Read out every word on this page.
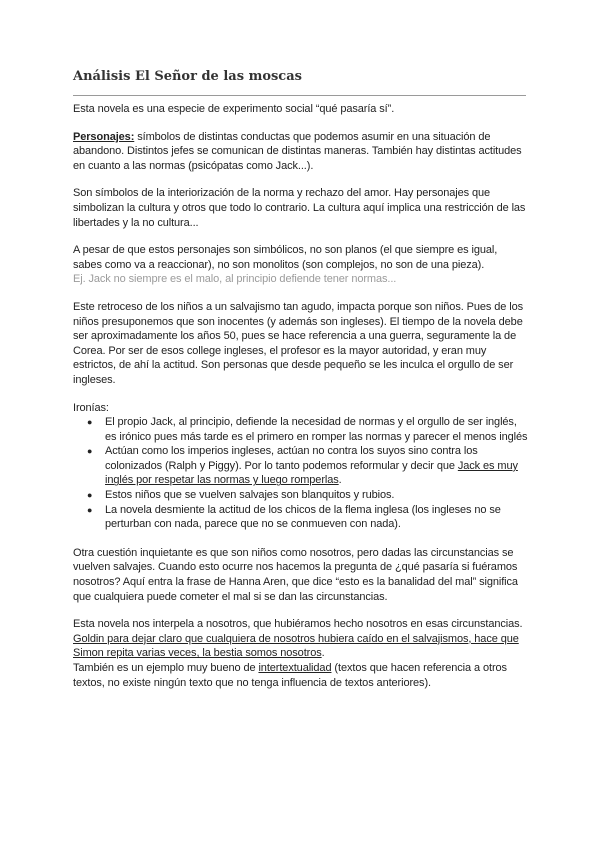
Análisis El Señor de las moscas

Esta novela es una especie de experimento social “qué pasaría sí”.

Personajes: símbolos de distintas conductas que podemos asumir en una situación de abandono. Distintos jefes se comunican de distintas maneras. También hay distintas actitudes en cuanto a las normas (psicópatas como Jack...).

Son símbolos de la interiorización de la norma y rechazo del amor. Hay personajes que simbolizan la cultura y otros que todo lo contrario. La cultura aquí implica una restricción de las libertades y la no cultura...

A pesar de que estos personajes son simbólicos, no son planos (el que siempre es igual, sabes como va a reaccionar), no son monolitos (son complejos, no son de una pieza).
Ej. Jack no siempre es el malo, al principio defiende tener normas...

Este retroceso de los niños a un salvajismo tan agudo, impacta porque son niños. Pues de los niños presuponemos que son inocentes (y además son ingleses). El tiempo de la novela debe ser aproximadamente los años 50, pues se hace referencia a una guerra, seguramente la de Corea. Por ser de esos college ingleses, el profesor es la mayor autoridad, y eran muy estrictos, de ahí la actitud. Son personas que desde pequeño se les inculca el orgullo de ser ingleses.

Ironías:

● El propio Jack, al principio, defiende la necesidad de normas y el orgullo de ser inglés, es irónico pues más tarde es el primero en romper las normas y parecer el menos inglés
● Actúan como los imperios ingleses, actúan no contra los suyos sino contra los colonizados (Ralph y Piggy). Por lo tanto podemos reformular y decir que Jack es muy inglés por respetar las normas y luego romperlas.
● Estos niños que se vuelven salvajes son blanquitos y rubios.
● La novela desmiente la actitud de los chicos de la flema inglesa (los ingleses no se perturban con nada, parece que no se conmueven con nada).

Otra cuestión inquietante es que son niños como nosotros, pero dadas las circunstancias se vuelven salvajes. Cuando esto ocurre nos hacemos la pregunta de ¿qué pasaría si fuéramos nosotros? Aquí entra la frase de Hanna Aren, que dice “esto es la banalidad del mal” significa que cualquiera puede cometer el mal si se dan las circunstancias.

Esta novela nos interpela a nosotros, que hubiéramos hecho nosotros en esas circunstancias. Goldin para dejar claro que cualquiera de nosotros hubiera caído en el salvajismos, hace que Simon repita varias veces, la bestia somos nosotros.

También es un ejemplo muy bueno de intertextualidad (textos que hacen referencia a otros textos, no existe ningún texto que no tenga influencia de textos anteriores).
